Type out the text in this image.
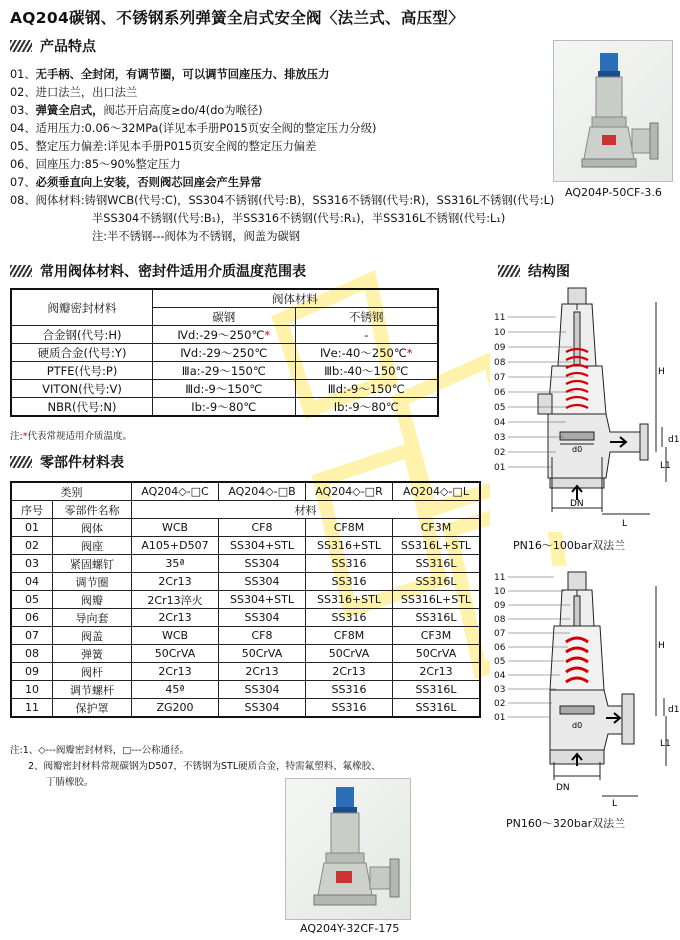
AQ204碳钢、不锈钢系列弹簧全启式安全阀〈法兰式、高压型〉
产品特点
01、无手柄、全封闭，有调节圈，可以调节回座压力、排放压力
02、进口法兰，出口法兰
03、弹簧全启式，阀芯开启高度≥do/4(do为喉径)
04、适用压力:0.06～32MPa(详见本手册P015页安全阀的整定压力分级)
05、整定压力偏差:详见本手册P015页安全阀的整定压力偏差
06、回座压力:85～90%整定压力
07、必须垂直向上安装，否则阀芯回座会产生异常
08、阀体材料:铸钢WCB(代号:C)，SS304不锈钢(代号:B)，SS316不锈钢(代号:R)，SS316L不锈钢(代号:L)
半SS304不锈钢(代号:B₁)，半SS316不锈钢(代号:R₁)，半SS316L不锈钢(代号:L₁)
注:半不锈钢---阀体为不锈钢，阀盖为碳钢
AQ204P-50CF-3.6
常用阀体材料、密封件适用介质温度范围表
阀瓣密封材料	阀体材料	
	碳钢	不锈钢
合金钢(代号:H)	Ⅳd:-29～250℃*	-
硬质合金(代号:Y)	Ⅳd:-29～250℃	Ⅳe:-40～250℃*
PTFE(代号:P)	Ⅲa:-29～150℃	Ⅲb:-40～150℃
VITON(代号:V)	Ⅲd:-9～150℃	Ⅲd:-9～150℃
NBR(代号:N)	Ⅰb:-9～80℃	Ⅰb:-9～80℃
注:*代表常规适用介质温度。
零部件材料表
类别		AQ204◇-□C	AQ204◇-□B	AQ204◇-□R	AQ204◇-□L
序号	零部件名称	材料			
01	阀体	WCB	CF8	CF8M	CF3M
02	阀座	A105+D507	SS304+STL	SS316+STL	SS316L+STL
03	紧固螺钉	35ª	SS304	SS316	SS316L
04	调节圈	2Cr13	SS304	SS316	SS316L
05	阀瓣	2Cr13淬火	SS304+STL	SS316+STL	SS316L+STL
06	导向套	2Cr13	SS304	SS316	SS316L
07	阀盖	WCB	CF8	CF8M	CF3M
08	弹簧	50CrVA	50CrVA	50CrVA	50CrVA
09	阀杆	2Cr13	2Cr13	2Cr13	2Cr13
10	调节螺杆	45ª	SS304	SS316	SS316L
11	保护罩	ZG200	SS304	SS316	SS316L
注:1、◇---阀瓣密封材料，□---公称通径。
2、阀瓣密封材料常规碳钢为D507，不锈钢为STL硬质合金，特需氟塑料、氟橡胶、
丁腈橡胶。
AQ204Y-32CF-175
结构图
11
10
09
08
07
06
05
04
03
02
01
H
L1
d1
L
DN
d0
PN16～100bar双法兰
11
10
09
08
07
06
05
04
03
02
01
H
L1
d1
L
DN
d0
PN160～320bar双法兰
